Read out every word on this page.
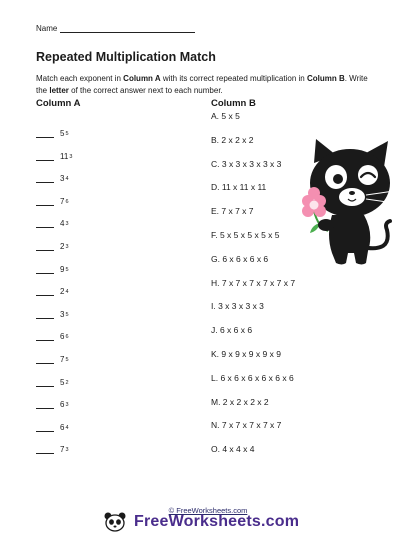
Name
Repeated Multiplication Match
Match each exponent in Column A with its correct repeated multiplication in Column B. Write the letter of the correct answer next to each number.
Column A	Column B
$5^5$
$11^3$
$3^4$
$7^6$
$4^3$
$2^3$
$9^5$
$2^4$
$3^5$
$6^6$
$7^5$
$5^2$
$6^3$
$6^4$
$7^3$
A. 5 x 5
B. 2 x 2 x 2
C. 3 x 3 x 3 x 3 x 3
D. 11 x 11 x 11
E. 7 x 7 x 7
F. 5 x 5 x 5 x 5 x 5
G. 6 x 6 x 6 x 6
H. 7 x 7 x 7 x 7 x 7 x 7
I. 3 x 3 x 3 x 3
J. 6 x 6 x 6
K. 9 x 9 x 9 x 9 x 9
L. 6 x 6 x 6 x 6 x 6 x 6
M. 2 x 2 x 2 x 2
N. 7 x 7 x 7 x 7 x 7
O. 4 x 4 x 4
© FreeWorksheets.com
FreeWorksheets.com
